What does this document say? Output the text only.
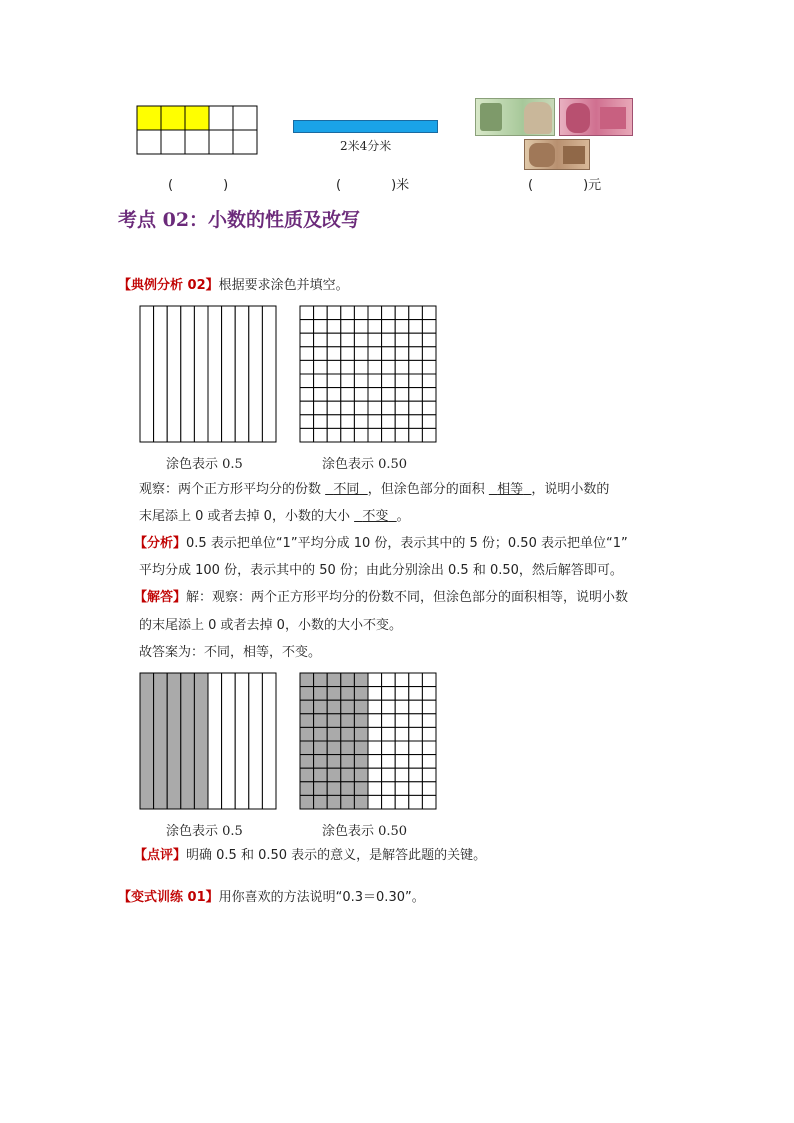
2米4分米
(	)	(	)米	(	)元
考点 02：小数的性质及改写
【典例分析 02】根据要求涂色并填空。
涂色表示 0.5	涂色表示 0.50
观察：两个正方形平均分的份数 不同 ，但涂色部分的面积 相等 ，说明小数的
末尾添上 0 或者去掉 0，小数的大小 不变 。
【分析】0.5 表示把单位“1”平均分成 10 份，表示其中的 5 份；0.50 表示把单位“1”
平均分成 100 份，表示其中的 50 份；由此分别涂出 0.5 和 0.50，然后解答即可。
【解答】解：观察：两个正方形平均分的份数不同，但涂色部分的面积相等，说明小数
的末尾添上 0 或者去掉 0，小数的大小不变。
故答案为：不同，相等，不变。
涂色表示 0.5	涂色表示 0.50
【点评】明确 0.5 和 0.50 表示的意义，是解答此题的关键。
【变式训练 01】用你喜欢的方法说明“0.3＝0.30”。
